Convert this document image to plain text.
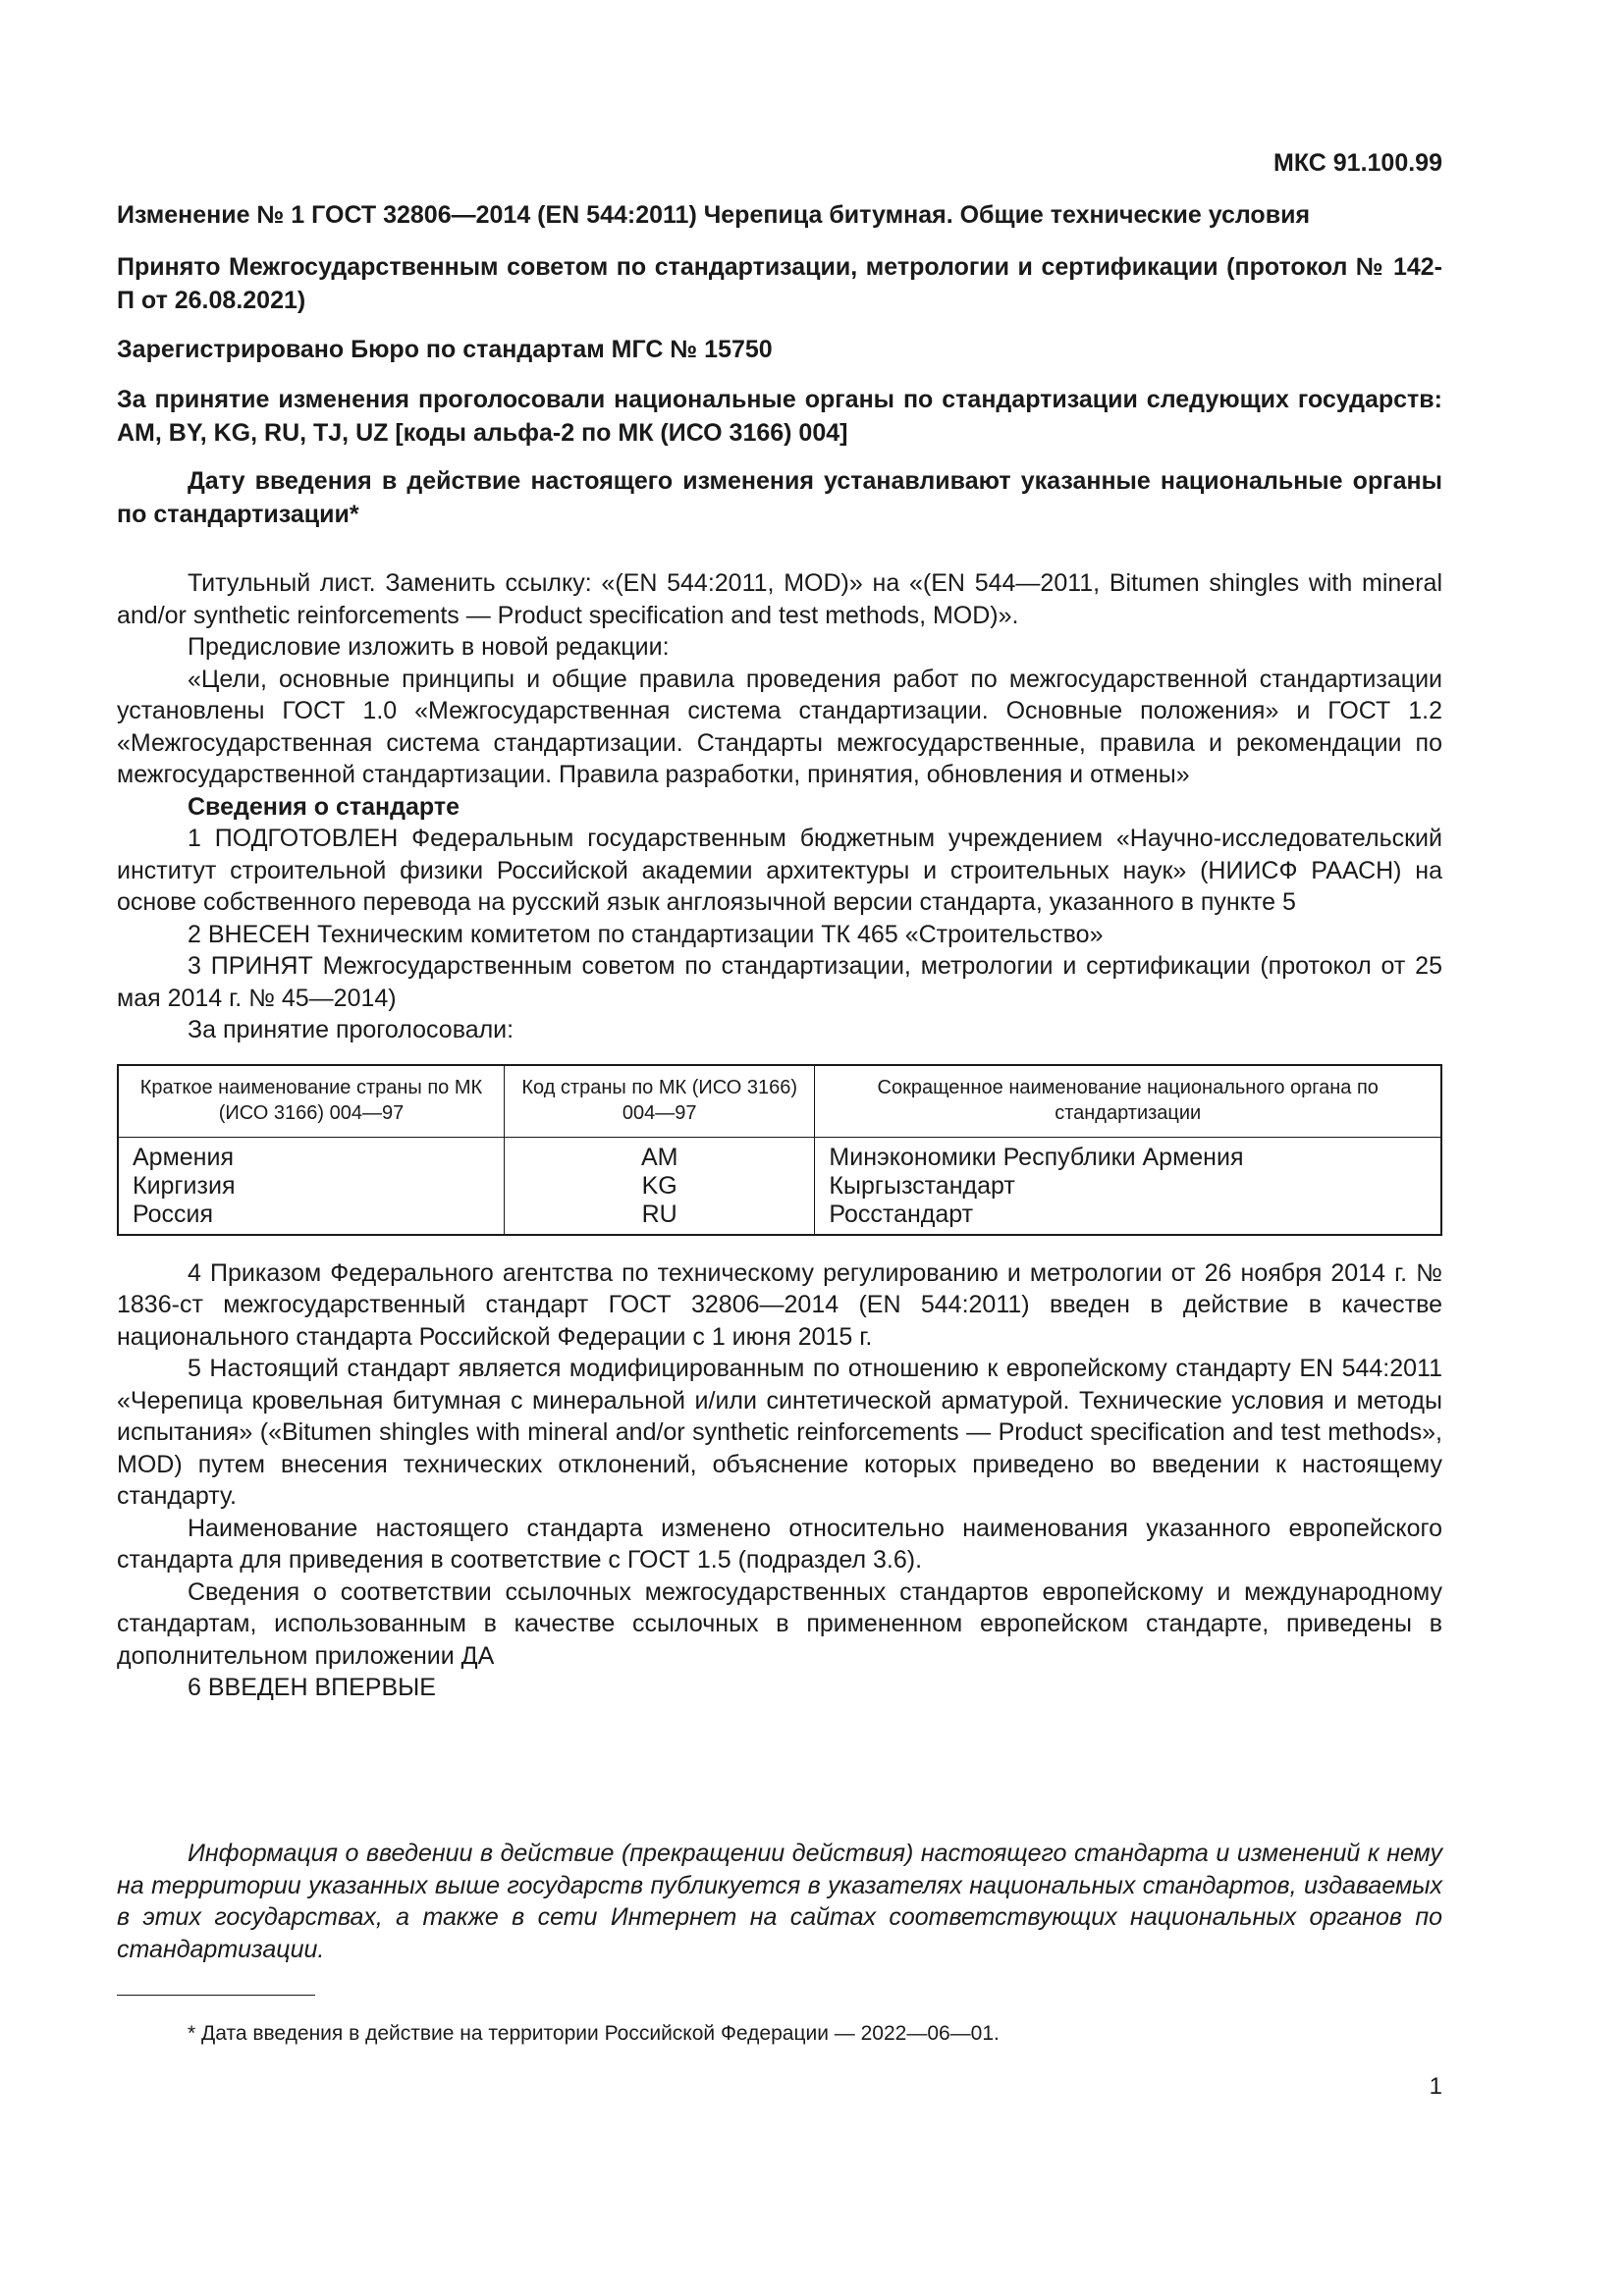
МКС 91.100.99

Изменение № 1 ГОСТ 32806—2014 (EN 544:2011) Черепица битумная. Общие технические условия

Принято Межгосударственным советом по стандартизации, метрологии и сертификации (протокол № 142-П от 26.08.2021)

Зарегистрировано Бюро по стандартам МГС № 15750

За принятие изменения проголосовали национальные органы по стандартизации следующих государств: AM, BY, KG, RU, TJ, UZ [коды альфа-2 по МК (ИСО 3166) 004]

Дату введения в действие настоящего изменения устанавливают указанные национальные органы по стандартизации*

Титульный лист. Заменить ссылку: «(EN 544:2011, MOD)» на «(EN 544—2011, Bitumen shingles with mineral and/or synthetic reinforcements — Product specification and test methods, MOD)».

Предисловие изложить в новой редакции:

«Цели, основные принципы и общие правила проведения работ по межгосударственной стандартизации установлены ГОСТ 1.0 «Межгосударственная система стандартизации. Основные положения» и ГОСТ 1.2 «Межгосударственная система стандартизации. Стандарты межгосударственные, правила и рекомендации по межгосударственной стандартизации. Правила разработки, принятия, обновления и отмены»

Сведения о стандарте

1 ПОДГОТОВЛЕН Федеральным государственным бюджетным учреждением «Научно-исследовательский институт строительной физики Российской академии архитектуры и строительных наук» (НИИСФ РААСН) на основе собственного перевода на русский язык англоязычной версии стандарта, указанного в пункте 5

2 ВНЕСЕН Техническим комитетом по стандартизации ТК 465 «Строительство»

3 ПРИНЯТ Межгосударственным советом по стандартизации, метрологии и сертификации (протокол от 25 мая 2014 г. № 45—2014)

За принятие проголосовали:

Краткое наименование страны по МК (ИСО 3166) 004—97	Код страны по МК (ИСО 3166) 004—97	Сокращенное наименование национального органа по стандартизации
Армения	AM	Минэкономики Республики Армения
Киргизия	KG	Кыргызстандарт
Россия	RU	Росстандарт

4 Приказом Федерального агентства по техническому регулированию и метрологии от 26 ноября 2014 г. № 1836-ст межгосударственный стандарт ГОСТ 32806—2014 (EN 544:2011) введен в действие в качестве национального стандарта Российской Федерации с 1 июня 2015 г.

5 Настоящий стандарт является модифицированным по отношению к европейскому стандарту EN 544:2011 «Черепица кровельная битумная с минеральной и/или синтетической арматурой. Технические условия и методы испытания» («Bitumen shingles with mineral and/or synthetic reinforcements — Product specification and test methods», MOD) путем внесения технических отклонений, объяснение которых приведено во введении к настоящему стандарту.

Наименование настоящего стандарта изменено относительно наименования указанного европейского стандарта для приведения в соответствие с ГОСТ 1.5 (подраздел 3.6).

Сведения о соответствии ссылочных межгосударственных стандартов европейскому и международному стандартам, использованным в качестве ссылочных в примененном европейском стандарте, приведены в дополнительном приложении ДА

6 ВВЕДЕН ВПЕРВЫЕ

Информация о введении в действие (прекращении действия) настоящего стандарта и изменений к нему на территории указанных выше государств публикуется в указателях национальных стандартов, издаваемых в этих государствах, а также в сети Интернет на сайтах соответствующих национальных органов по стандартизации.

* Дата введения в действие на территории Российской Федерации — 2022—06—01.

1
